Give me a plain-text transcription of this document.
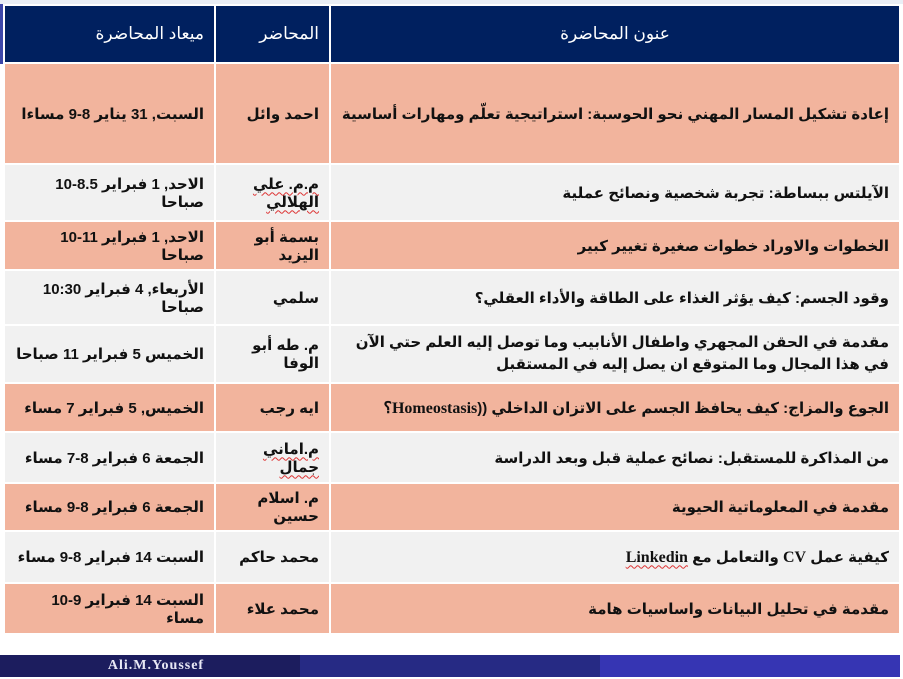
ميعاد المحاضرة	المحاضر	عنون المحاضرة
السبت, 31 يناير 8-9 مساءا	احمد وائل	إعادة تشكيل المسار المهني نحو الحوسبة: استراتيجية تعلّم ومهارات أساسية
الاحد, 1 فبراير 8.5-10 صباحا	م.م. علي الهلالي	الآيلتس ببساطة: تجربة شخصية ونصائح عملية
الاحد, 1 فبراير 11-10 صباحا	بسمة أبو اليزيد	الخطوات والاوراد خطوات صغيرة تغيير كبير
الأربعاء, 4 فبراير 10:30 صباحا	سلمي	وقود الجسم: كيف يؤثر الغذاء على الطاقة والأداء العقلي؟
الخميس 5 فبراير 11 صباحا	م. طه أبو الوفا	مقدمة في الحقن المجهري واطفال الأنابيب وما توصل إليه العلم حتي الآن في هذا المجال وما المتوقع ان يصل إليه في المستقبل
الخميس, 5 فبراير 7 مساء	ايه رجب	الجوع والمزاج: كيف يحافظ الجسم على الاتزان الداخلي ((Homeostasis؟
الجمعة 6 فبراير 8-7 مساء	م.اماني جمال	من المذاكرة للمستقبل: نصائح عملية قبل وبعد الدراسة
الجمعة 6 فبراير 8-9 مساء	م. اسلام حسين	مقدمة في المعلوماتية الحيوية
السبت 14 فبراير 8-9 مساء	محمد حاكم	كيفية عمل CV والتعامل مع Linkedin
السبت 14 فبراير 9-10 مساء	محمد علاء	مقدمة في تحليل البيانات واساسيات هامة
Ali.M.Youssef
